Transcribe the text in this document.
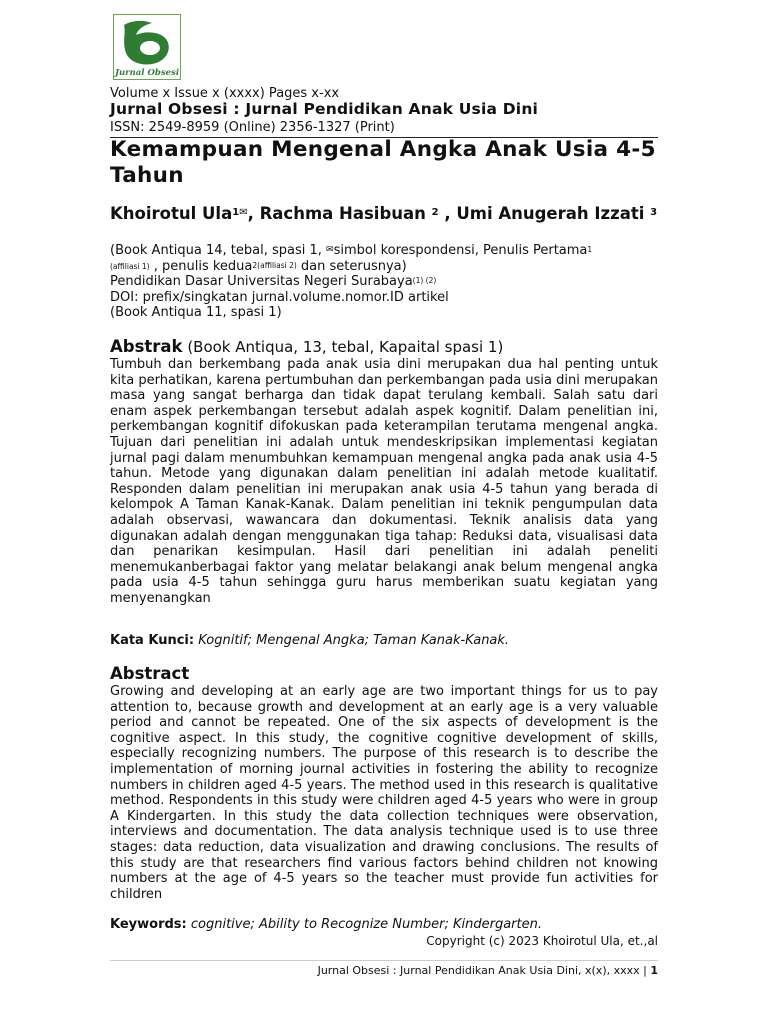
Jurnal Obsesi
Volume x Issue x (xxxx) Pages x-xx
Jurnal Obsesi : Jurnal Pendidikan Anak Usia Dini
ISSN: 2549-8959 (Online) 2356-1327 (Print)
Kemampuan Mengenal Angka Anak Usia 4-5 Tahun
Khoirotul Ula$^{1✉}$, Rachma Hasibuan $^2$ , Umi Anugerah Izzati $^3$
(Book Antiqua 14, tebal, spasi 1, ✉simbol korespondensi, Penulis Pertama$^1$
$^{(affiliasi 1)}$ , penulis kedua$^{2(affiliasi 2)}$ dan seterusnya)
Pendidikan Dasar Universitas Negeri Surabaya$^{(1) (2)}$
DOI: prefix/singkatan jurnal.volume.nomor.ID artikel
(Book Antiqua 11, spasi 1)
Abstrak (Book Antiqua, 13, tebal, Kapaital spasi 1)
Tumbuh dan berkembang pada anak usia dini merupakan dua hal penting untuk kita perhatikan, karena pertumbuhan dan perkembangan pada usia dini merupakan masa yang sangat berharga dan tidak dapat terulang kembali. Salah satu dari enam aspek perkembangan tersebut adalah aspek kognitif. Dalam penelitian ini, perkembangan kognitif difokuskan pada keterampilan terutama mengenal angka. Tujuan dari penelitian ini adalah untuk mendeskripsikan implementasi kegiatan jurnal pagi dalam menumbuhkan kemampuan mengenal angka pada anak usia 4-5 tahun. Metode yang digunakan dalam penelitian ini adalah metode kualitatif. Responden dalam penelitian ini merupakan anak usia 4-5 tahun yang berada di kelompok A Taman Kanak-Kanak. Dalam penelitian ini teknik pengumpulan data adalah observasi, wawancara dan dokumentasi. Teknik analisis data yang digunakan adalah dengan menggunakan tiga tahap: Reduksi data, visualisasi data dan penarikan kesimpulan. Hasil dari penelitian ini adalah peneliti menemukanberbagai faktor yang melatar belakangi anak belum mengenal angka pada usia 4-5 tahun sehingga guru harus memberikan suatu kegiatan yang menyenangkan
Kata Kunci: Kognitif; Mengenal Angka; Taman Kanak-Kanak.
Abstract
Growing and developing at an early age are two important things for us to pay attention to, because growth and development at an early age is a very valuable period and cannot be repeated. One of the six aspects of development is the cognitive aspect. In this study, the cognitive cognitive development of skills, especially recognizing numbers. The purpose of this research is to describe the implementation of morning journal activities in fostering the ability to recognize numbers in children aged 4-5 years. The method used in this research is qualitative method. Respondents in this study were children aged 4-5 years who were in group A Kindergarten. In this study the data collection techniques were observation, interviews and documentation. The data analysis technique used is to use three stages: data reduction, data visualization and drawing conclusions. The results of this study are that researchers find various factors behind children not knowing numbers at the age of 4-5 years so the teacher must provide fun activities for children
Keywords: cognitive; Ability to Recognize Number; Kindergarten.
Copyright (c) 2023 Khoirotul Ula, et.,al
Jurnal Obsesi : Jurnal Pendidikan Anak Usia Dini, x(x), xxxx | 1
